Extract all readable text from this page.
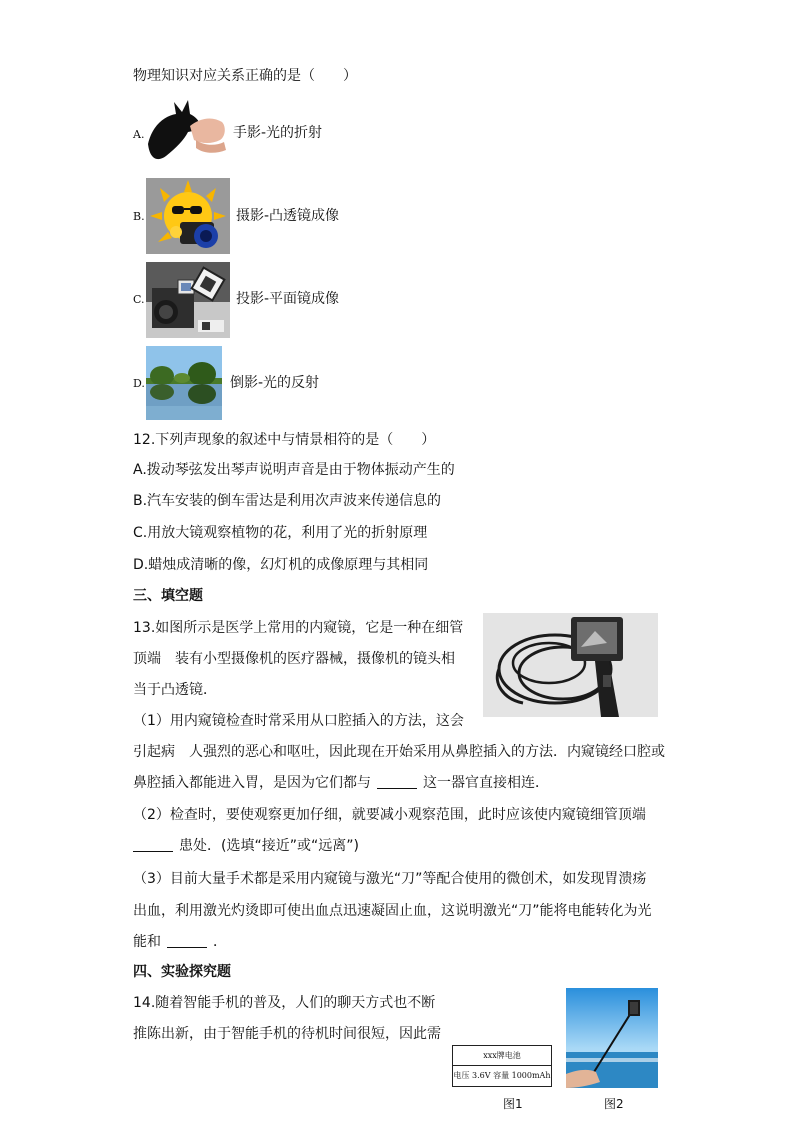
物理知识对应关系正确的是（　　）
A.	手影-光的折射
B.	摄影-凸透镜成像
C.	投影-平面镜成像
D.	倒影-光的反射
12.下列声现象的叙述中与情景相符的是（　　）
A.拨动琴弦发出琴声说明声音是由于物体振动产生的
B.汽车安装的倒车雷达是利用次声波来传递信息的
C.用放大镜观察植物的花，利用了光的折射原理
D.蜡烛成清晰的像，幻灯机的成像原理与其相同
三、填空题
13.如图所示是医学上常用的内窥镜，它是一种在细管
顶端　装有小型摄像机的医疗器械，摄像机的镜头相
当于凸透镜．
（1）用内窥镜检查时常采用从口腔插入的方法，这会
引起病　人强烈的恶心和呕吐，因此现在开始采用从鼻腔插入的方法．内窥镜经口腔或
鼻腔插入都能进入胃，是因为它们都与	这一器官直接相连．
（2）检查时，要使观察更加仔细，就要减小观察范围，此时应该使内窥镜细管顶端
患处．(选填“接近”或“远离”)
（3）目前大量手术都是采用内窥镜与激光“刀”等配合使用的微创术，如发现胃溃疡
出血，利用激光灼烫即可使出血点迅速凝固止血，这说明激光“刀”能将电能转化为光
能和	．
四、实验探究题
14.随着智能手机的普及，人们的聊天方式也不断
推陈出新，由于智能手机的待机时间很短，因此需
xxx牌电池
电压 3.6V 容量 1000mAh
图1	图2
